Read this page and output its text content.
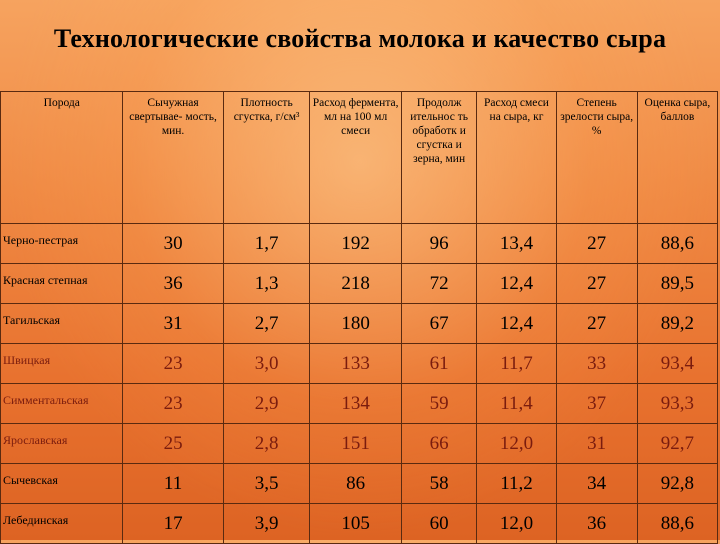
Технологические свойства молока и качество сыра
Порода	Сычужная свертывае- мость, мин.	Плотность сгустка, г/см³	Расход фермента, мл на 100 мл смеси	Продолж ительнос ть обработк и сгустка и зерна, мин	Расход смеси на сыра, кг	Степень зрелости сыра, %	Оценка сыра, баллов

Черно-пестрая	30	1,7	192	96	13,4	27	88,6
Красная степная	36	1,3	218	72	12,4	27	89,5
Тагильская	31	2,7	180	67	12,4	27	89,2
Швицкая	23	3,0	133	61	11,7	33	93,4
Симментальская	23	2,9	134	59	11,4	37	93,3
Ярославская	25	2,8	151	66	12,0	31	92,7
Сычевская	11	3,5	86	58	11,2	34	92,8
Лебединская	17	3,9	105	60	12,0	36	88,6
